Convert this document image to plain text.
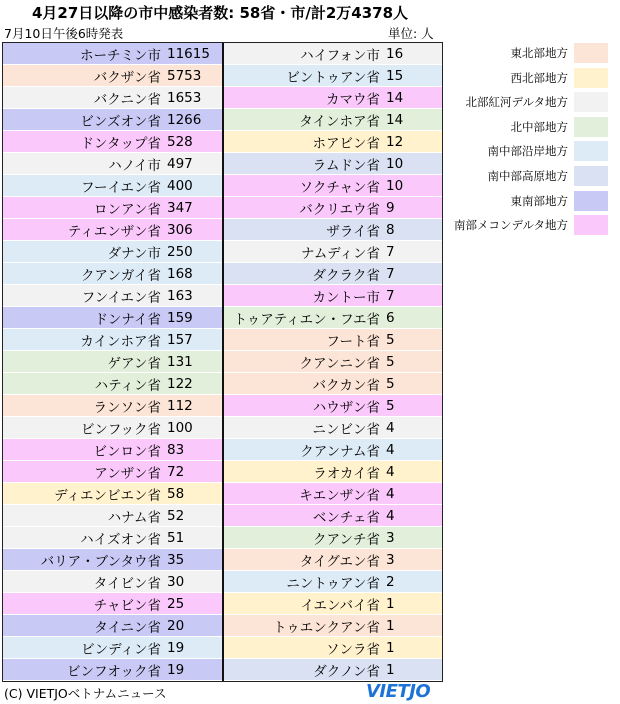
4月27日以降の市中感染者数: 58省・市/計2万4378人
7月10日午後6時発表	単位: 人
ホーチミン市 11615
バクザン省 5753
バクニン省 1653
ビンズオン省 1266
ドンタップ省 528
ハノイ市 497
フーイエン省 400
ロンアン省 347
ティエンザン省 306
ダナン市 250
クアンガイ省 168
フンイエン省 163
ドンナイ省 159
カインホア省 157
ゲアン省 131
ハティン省 122
ランソン省 112
ビンフック省 100
ビンロン省 83
アンザン省 72
ディエンビエン省 58
ハナム省 52
ハイズオン省 51
バリア・ブンタウ省 35
タイビン省 30
チャビン省 25
タイニン省 20
ビンディン省 19
ビンフオック省 19
ハイフォン市 16
ビントゥアン省 15
カマウ省 14
タインホア省 14
ホアビン省 12
ラムドン省 10
ソクチャン省 10
バクリエウ省 9
ザライ省 8
ナムディン省 7
ダクラク省 7
カントー市 7
トゥアティエン・フエ省 6
フート省 5
クアンニン省 5
バクカン省 5
ハウザン省 5
ニンビン省 4
クアンナム省 4
ラオカイ省 4
キエンザン省 4
ベンチェ省 4
クアンチ省 3
タイグエン省 3
ニントゥアン省 2
イエンバイ省 1
トゥエンクアン省 1
ソンラ省 1
ダクノン省 1
東北部地方
西北部地方
北部紅河デルタ地方
北中部地方
南中部沿岸地方
南中部高原地方
東南部地方
南部メコンデルタ地方
(C) VIETJOベトナムニュース	VIETJO
